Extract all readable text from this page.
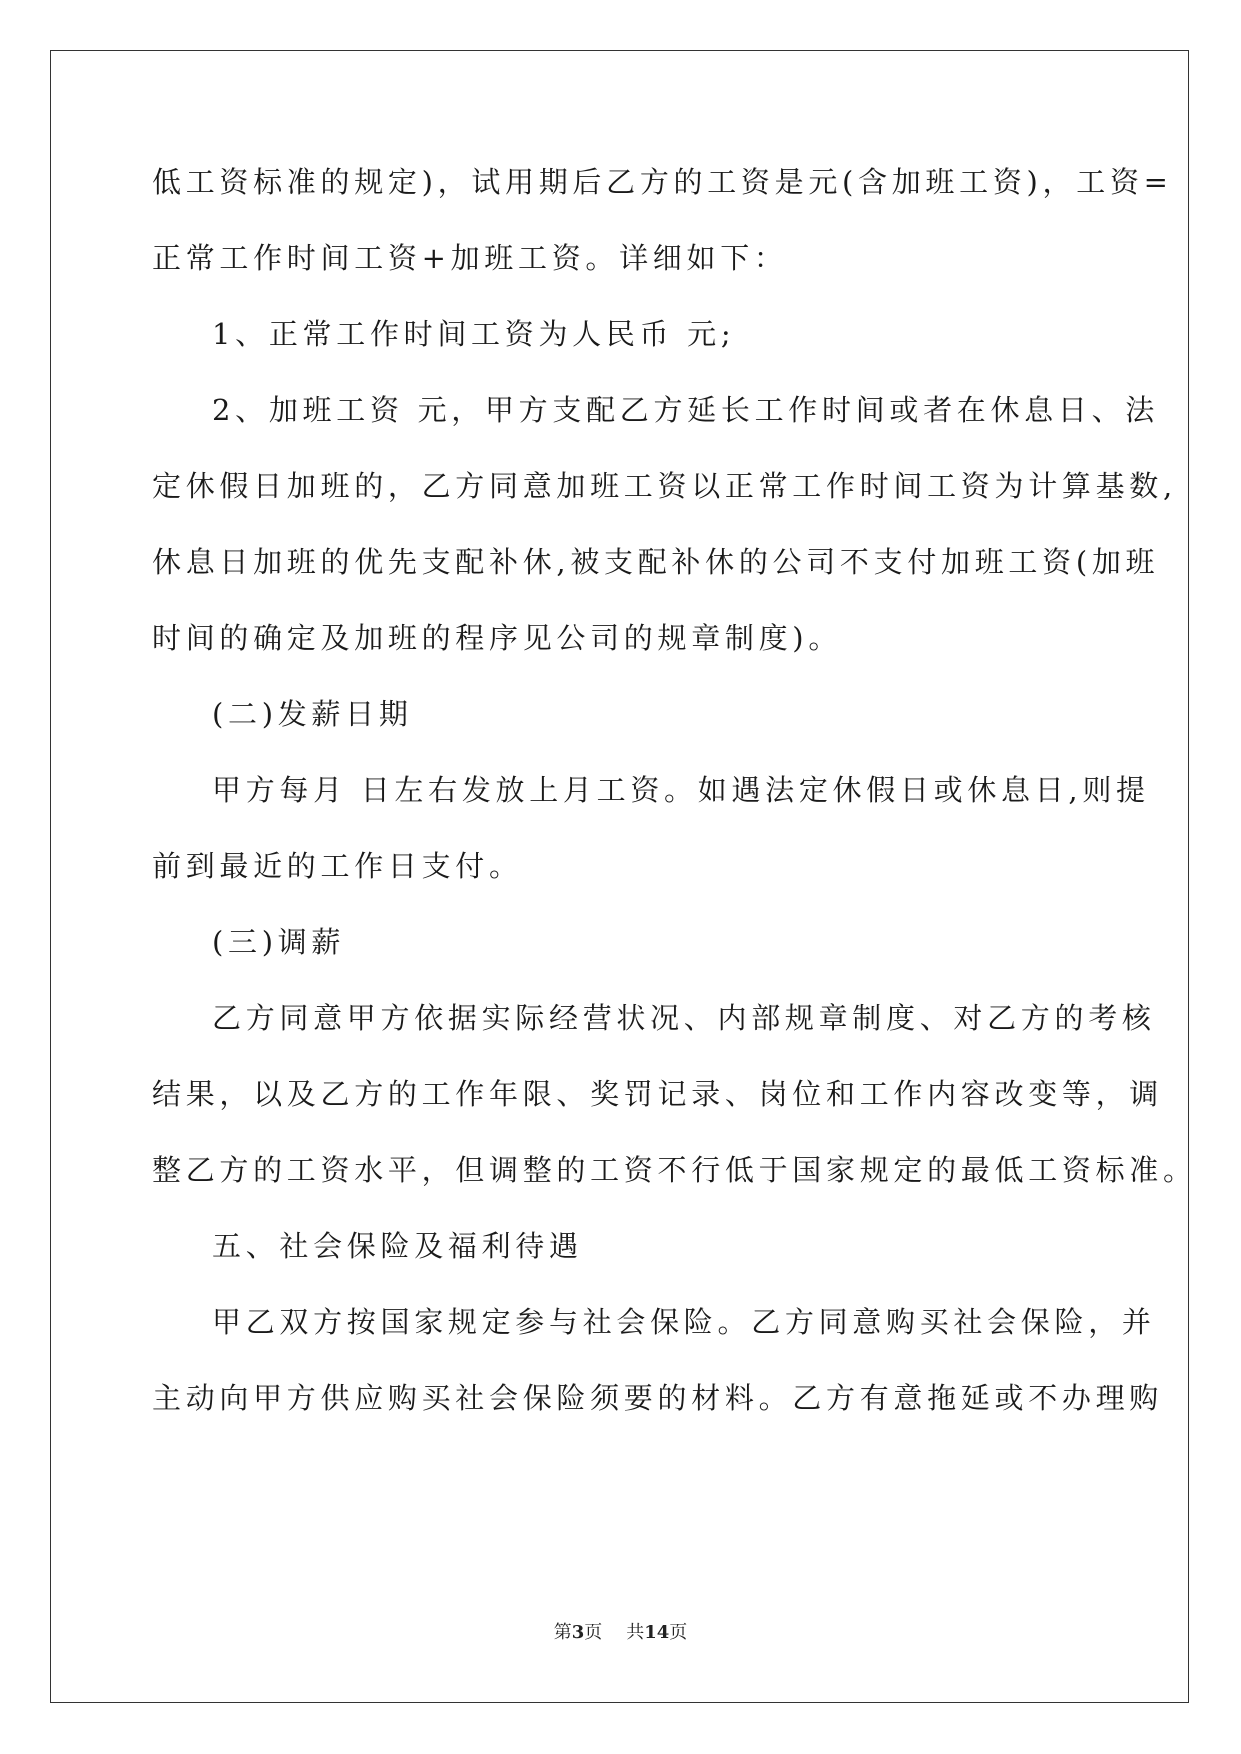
低工资标准的规定)，试用期后乙方的工资是元(含加班工资)，工资=
正常工作时间工资+加班工资。详细如下：
1、正常工作时间工资为人民币 元;
2、加班工资 元，甲方支配乙方延长工作时间或者在休息日、法
定休假日加班的，乙方同意加班工资以正常工作时间工资为计算基数,
休息日加班的优先支配补休,被支配补休的公司不支付加班工资(加班
时间的确定及加班的程序见公司的规章制度)。
(二)发薪日期
甲方每月 日左右发放上月工资。如遇法定休假日或休息日,则提
前到最近的工作日支付。
(三)调薪
乙方同意甲方依据实际经营状况、内部规章制度、对乙方的考核
结果，以及乙方的工作年限、奖罚记录、岗位和工作内容改变等，调
整乙方的工资水平，但调整的工资不行低于国家规定的最低工资标准。
五、社会保险及福利待遇
甲乙双方按国家规定参与社会保险。乙方同意购买社会保险，并
主动向甲方供应购买社会保险须要的材料。乙方有意拖延或不办理购
第3页 共14页
